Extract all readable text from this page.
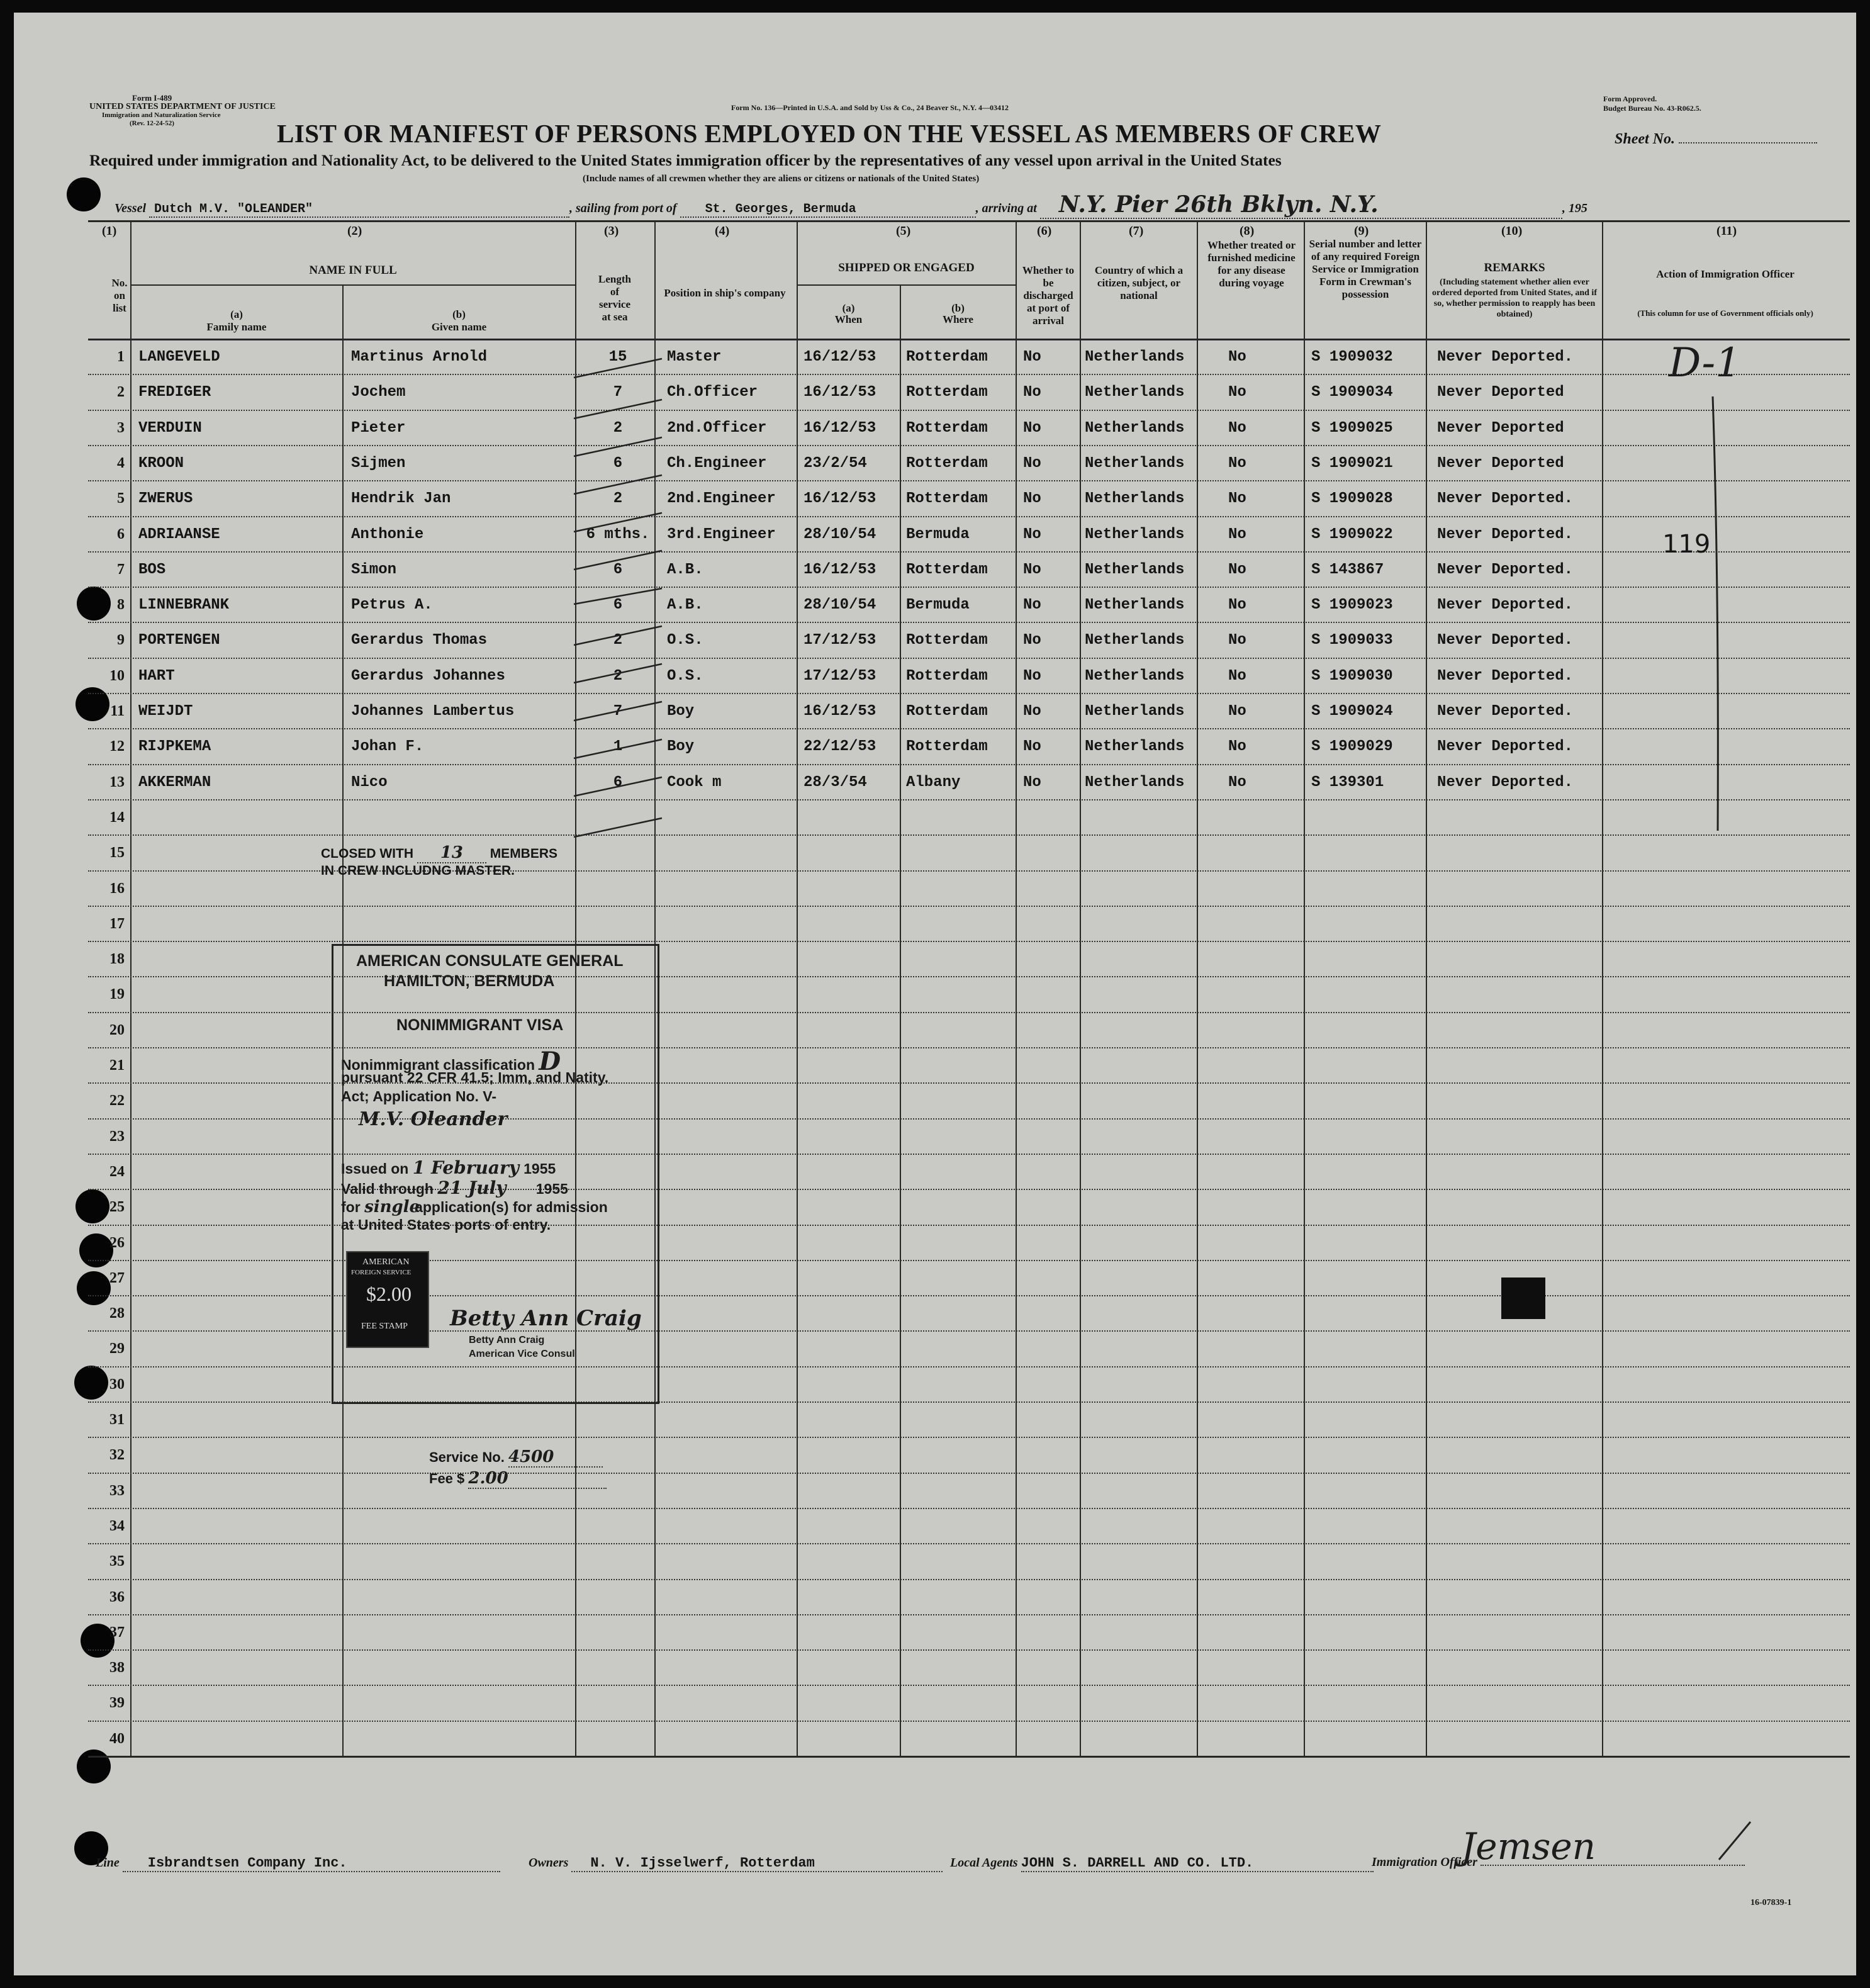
Form I-489
UNITED STATES DEPARTMENT OF JUSTICE
Immigration and Naturalization Service
(Rev. 12-24-52)
Form No. 136—Printed in U.S.A. and Sold by Uss & Co., 24 Beaver St., N.Y. 4—03412
Form Approved.
Budget Bureau No. 43-R062.5.
LIST OR MANIFEST OF PERSONS EMPLOYED ON THE VESSEL AS MEMBERS OF CREW	Sheet No.
Required under immigration and Nationality Act, to be delivered to the United States immigration officer by the representatives of any vessel upon arrival in the United States
(Include names of all crewmen whether they are aliens or citizens or nationals of the United States)
Vessel Dutch M.V. "OLEANDER"	, sailing from port of St. Georges, Bermuda	, arriving at N.Y. Pier 26th Bklyn. N.Y.	, 195
(1)	(2)	(3)	(4)	(5)	(6)	(7)	(8)	(9)	(10)	(11)
No. on list
NAME IN FULL
(a)
Family name
(b)
Given name
Length of service at sea
Position in ship's company
SHIPPED OR ENGAGED
(a)
When
(b)
Where
Whether to be discharged at port of arrival
Country of which a citizen, subject, or national
Whether treated or furnished medicine for any disease during voyage
Serial number and letter of any required Foreign Service or Immigration Form in Crewman's possession
REMARKS
(Including statement whether alien ever ordered deported from United States, and if so, whether permission to reapply has been obtained)
Action of Immigration Officer
(This column for use of Government officials only)
1 LANGEVELD	Martinus Arnold	15	Master	16/12/53 Rotterdam No	Netherlands	No	S 1909032	Never Deported.
2 FREDIGER	Jochem	7	Ch.Officer	16/12/53 Rotterdam No	Netherlands	No	S 1909034	Never Deported
3 VERDUIN	Pieter	2	2nd.Officer 16/12/53 Rotterdam No	Netherlands	No	S 1909025	Never Deported
4 KROON	Sijmen	6	Ch.Engineer 23/2/54	Rotterdam No	Netherlands	No	S 1909021	Never Deported
5 ZWERUS	Hendrik Jan	2	2nd.Engineer 16/12/53 Rotterdam No	Netherlands	No	S 1909028	Never Deported.
6 ADRIAANSE	Anthonie	6 mths. 3rd.Engineer 28/10/54 Bermuda	No	Netherlands	No	S 1909022	Never Deported.
7 BOS	Simon	6	A.B.	16/12/53 Rotterdam No	Netherlands	No	S 143867	Never Deported.
8 LINNEBRANK	Petrus A.	6	A.B.	28/10/54 Bermuda	No	Netherlands	No	S 1909023	Never Deported.
9 PORTENGEN	Gerardus Thomas	2	O.S.	17/12/53 Rotterdam No	Netherlands	No	S 1909033	Never Deported.
10 HART	Gerardus Johannes	2	O.S.	17/12/53 Rotterdam No	Netherlands	No	S 1909030	Never Deported.
11 WEIJDT	Johannes Lambertus	7	Boy	16/12/53 Rotterdam No	Netherlands	No	S 1909024	Never Deported.
12 RIJPKEMA	Johan F.	1	Boy	22/12/53 Rotterdam No	Netherlands	No	S 1909029	Never Deported.
13 AKKERMAN	Nico	6	Cook m	28/3/54	Albany	No	Netherlands	No	S 139301	Never Deported.
14
15
16
17
18
19
20
21
22
23
24
25
26
27
28
29
30
31
32
33
34
35
36
37
38
39
40
D-1
119
CLOSED WITH 13 MEMBERS
IN CREW INCLUDNG MASTER.
AMERICAN CONSULATE GENERAL
HAMILTON, BERMUDA
NONIMMIGRANT VISA
Nonimmigrant classification D
pursuant 22 CFR 41.5; Imm, and Natity.
Act; Application No. V-
M.V. Oleander
Issued on 1 February 1955
Valid through 21 July 1955
for singleapplication(s) for admission
at United States ports of entry.
Betty Ann Craig
Betty Ann Craig
American Vice Consul
AMERICAN
FOREIGN SERVICE
$2.00
FEE STAMP
Service No. 4500
Fee $ 2.00
Line Isbrandtsen Company Inc.	Owners N. V. Ijsselwerf, Rotterdam	Local Agents JOHN S. DARRELL AND CO. LTD.	Immigration Officer
Jemsen
16-07839-1
